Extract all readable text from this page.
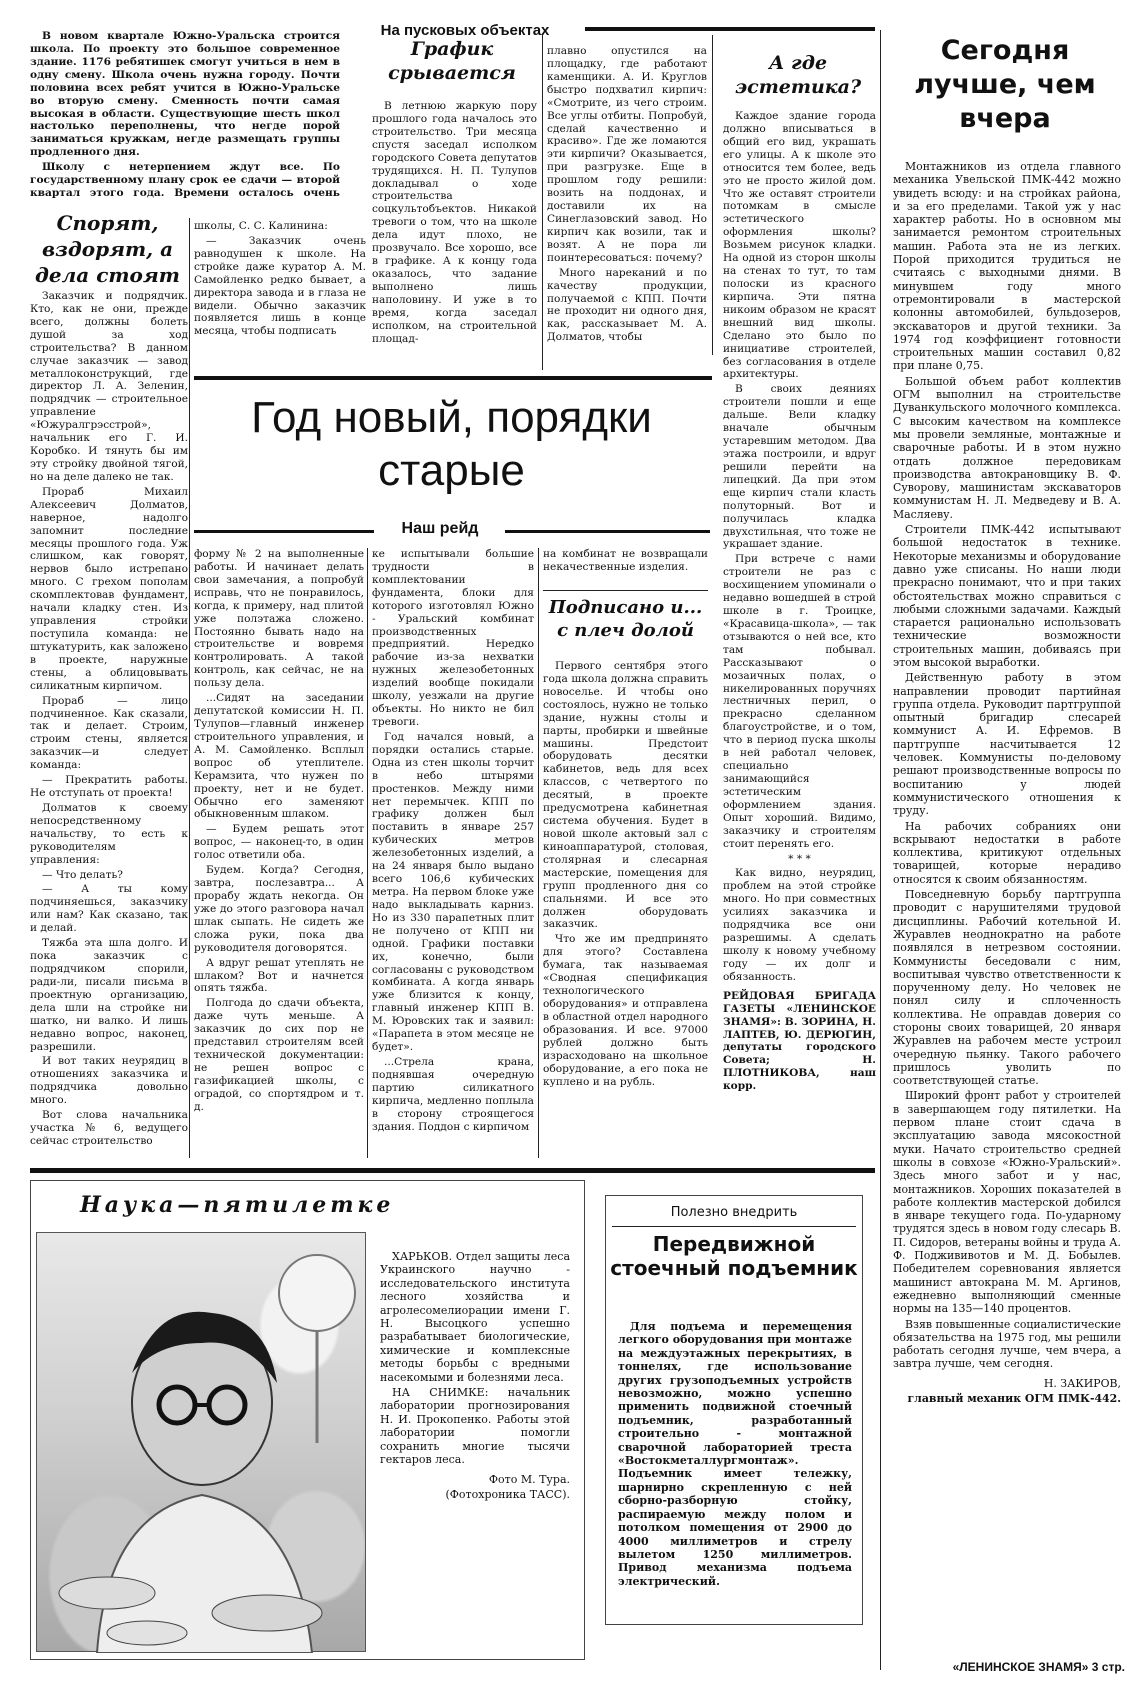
В новом квартале Южно-Уральска строится школа. По проекту это большое современное здание. 1176 ребятишек смогут учиться в нем в одну смену. Школа очень нужна городу. Почти половина всех ребят учится в Южно-Уральске во вторую смену. Сменность почти самая высокая в области. Существующие шесть школ настолько переполнены, что негде порой заниматься кружкам, негде размещать группы продленного дня.

Школу с нетерпением ждут все. По государственному плану срок ее сдачи — второй квартал этого года. Времени осталось очень

На пусковых объектах
Спорят, вздорят, а дела стоят

Заказчик и подрядчик. Кто, как не они, прежде всего, должны болеть душой за ход строительства? В данном случае заказчик — завод металлоконструкций, где директор Л. А. Зеленин, подрядчик — строительное управление «Южуралгрэсстрой», начальник его Г. И. Коробко. И тянуть бы им эту стройку двойной тягой, но на деле далеко не так.

Прораб Михаил Алексеевич Долматов, наверное, надолго запомнит последние месяцы прошлого года. Уж слишком, как говорят, нервов было истрепано много. С грехом пополам скомплектовав фундамент, начали кладку стен. Из управления стройки поступила команда: не штукатурить, как заложено в проекте, наружные стены, а облицовывать силикатным кирпичом.

Прораб — лицо подчиненное. Как сказали, так и делает. Строим, строим стены, является заказчик—и следует команда:

— Прекратить работы. Не отступать от проекта!

Долматов к своему непосредственному начальству, то есть к руководителям управления:

— Что делать?

— А ты кому подчиняешься, заказчику или нам? Как сказано, так и делай.

Тяжба эта шла долго. И пока заказчик с подрядчиком спорили, ради-ли, писали письма в проектную организацию, дела шли на стройке ни шатко, ни валко. И лишь недавно вопрос, наконец, разрешили.

И вот таких неурядиц в отношениях заказчика и подрядчика довольно много.

Вот слова начальника участка № 6, ведущего сейчас строительство

школы, С. С. Калинина:

— Заказчик очень равнодушен к школе. На стройке даже куратор А. М. Самойленко редко бывает, а директора завода и в глаза не видели. Обычно заказчик появляется лишь в конце месяца, чтобы подписать

График срывается

В летнюю жаркую пору прошлого года началось это строительство. Три месяца спустя заседал исполком городского Совета депутатов трудящихся. Н. П. Тулупов докладывал о ходе строительства соцкультобъектов. Никакой тревоги о том, что на школе дела идут плохо, не прозвучало. Все хорошо, все в графике. А к концу года оказалось, что задание выполнено лишь наполовину. И уже в то время, когда заседал исполком, на строительной площад-

плавно опустился на площадку, где работают каменщики. А. И. Круглов быстро подхватил кирпич: «Смотрите, из чего строим. Все углы отбиты. Попробуй, сделай качественно и красиво». Где же ломаются эти кирпичи? Оказывается, при разгрузке. Еще в прошлом году решили: возить на поддонах, и доставили их на Синеглазовский завод. Но кирпич как возили, так и возят. А не пора ли поинтересоваться: почему?

Много нареканий и по качеству продукции, получаемой с КПП. Почти не проходит ни одного дня, как, рассказывает М. А. Долматов, чтобы

А где эстетика?

Каждое здание города должно вписываться в общий его вид, украшать его улицы. А к школе это относится тем более, ведь это не просто жилой дом. Что же оставят строители потомкам в смысле эстетического оформления школы? Возьмем рисунок кладки. На одной из сторон школы на стенах то тут, то там полоски из красного кирпича. Эти пятна никоим образом не красят внешний вид школы. Сделано это было по инициативе строителей, без согласования в отделе архитектуры.

В своих деяниях строители пошли и еще дальше. Вели кладку вначале обычным устаревшим методом. Два этажа построили, и вдруг решили перейти на липецкий. Да при этом еще кирпич стали класть полуторный. Вот и получилась кладка двухстильная, что тоже не украшает здание.

При встрече с нами строители не раз с восхищением упоминали о недавно вошедшей в строй школе в г. Троицке, «Красавица-школа», — так отзываются о ней все, кто там побывал. Рассказывают о мозаичных полах, о никелированных поручнях лестничных перил, о прекрасно сделанном благоустройстве, и о том, что в период пуска школы в ней работал человек, специально занимающийся эстетическим оформлением здания. Опыт хороший. Видимо, заказчику и строителям стоит перенять его.

* * *

Как видно, неурядиц, проблем на этой стройке много. Но при совместных усилиях заказчика и подрядчика все они разрешимы. А сделать школу к новому учебному году — их долг и обязанность.

РЕЙДОВАЯ БРИГАДА ГАЗЕТЫ «ЛЕНИНСКОЕ ЗНАМЯ»: В. ЗОРИНА, Н. ЛАПТЕВ, Ю. ДЕРЮГИН, депутаты городского Совета; Н. ПЛОТНИКОВА, наш корр.

Год новый, порядки старые
Наш рейд

форму № 2 на выполненные работы. И начинает делать свои замечания, а попробуй исправь, что не понравилось, когда, к примеру, над плитой уже полэтажа сложено. Постоянно бывать надо на строительстве и вовремя контролировать. А такой контроль, как сейчас, не на пользу дела.

...Сидят на заседании депутатской комиссии Н. П. Тулупов—главный инженер строительного управления, и А. М. Самойленко. Всплыл вопрос об утеплителе. Керамзита, что нужен по проекту, нет и не будет. Обычно его заменяют обыкновенным шлаком.

— Будем решать этот вопрос, — наконец-то, в один голос ответили оба.

Будем. Когда? Сегодня, завтра, послезавтра... А прорабу ждать некогда. Он уже до этого разговора начал шлак сыпать. Не сидеть же сложа руки, пока два руководителя договорятся.

А вдруг решат утеплять не шлаком? Вот и начнется опять тяжба.

Полгода до сдачи объекта, даже чуть меньше. А заказчик до сих пор не представил строителям всей технической документации: не решен вопрос с газификацией школы, с оградой, со спортядром и т. д.

ке испытывали большие трудности в комплектовании фундамента, блоки для которого изготовлял Южно - Уральский комбинат производственных предприятий. Нередко рабочие из-за нехватки нужных железобетонных изделий вообще покидали школу, уезжали на другие объекты. Но никто не бил тревоги.

Год начался новый, а порядки остались старые. Одна из стен школы торчит в небо штырями простенков. Между ними нет перемычек. КПП по графику должен был поставить в январе 257 кубических метров железобетонных изделий, а на 24 января было выдано всего 106,6 кубических метра. На первом блоке уже надо выкладывать карниз. Но из 330 парапетных плит не получено от КПП ни одной. Графики поставки их, конечно, были согласованы с руководством комбината. А когда январь уже близится к концу, главный инженер КПП В. М. Юровских так и заявил: «Парапета в этом месяце не будет».

...Стрела крана, поднявшая очередную партию силикатного кирпича, медленно поплыла в сторону строящегося здания. Поддон с кирпичом

на комбинат не возвращали некачественные изделия.

Подписано и... с плеч долой

Первого сентября этого года школа должна справить новоселье. И чтобы оно состоялось, нужно не только здание, нужны столы и парты, пробирки и швейные машины. Предстоит оборудовать десятки кабинетов, ведь для всех классов, с четвертого по десятый, в проекте предусмотрена кабинетная система обучения. Будет в новой школе актовый зал с киноаппаратурой, столовая, столярная и слесарная мастерские, помещения для групп продленного дня со спальнями. И все это должен оборудовать заказчик.

Что же им предпринято для этого? Составлена бумага, так называемая «Сводная спецификация технологического оборудования» и отправлена в областной отдел народного образования. И все. 97000 рублей должно быть израсходовано на школьное оборудование, а его пока не куплено и на рубль.

Сегодня лучше, чем вчера

Монтажников из отдела главного механика Увельской ПМК-442 можно увидеть всюду: и на стройках района, и за его пределами. Такой уж у нас характер работы. Но в основном мы занимается ремонтом строительных машин. Работа эта не из легких. Порой приходится трудиться не считаясь с выходными днями. В минувшем году много отремонтировали в мастерской колонны автомобилей, бульдозеров, экскаваторов и другой техники. За 1974 год коэффициент готовности строительных машин составил 0,82 при плане 0,75.

Большой объем работ коллектив ОГМ выполнил на строительстве Дуванкульского молочного комплекса. С высоким качеством на комплексе мы провели земляные, монтажные и сварочные работы. И в этом нужно отдать должное передовикам производства автокрановщику В. Ф. Суворову, машинистам экскаваторов коммунистам Н. Л. Медведеву и В. А. Масляеву.

Строители ПМК-442 испытывают большой недостаток в технике. Некоторые механизмы и оборудование давно уже списаны. Но наши люди прекрасно понимают, что и при таких обстоятельствах можно справиться с любыми сложными задачами. Каждый старается рационально использовать технические возможности строительных машин, добиваясь при этом высокой выработки.

Действенную работу в этом направлении проводит партийная группа отдела. Руководит партгруппой опытный бригадир слесарей коммунист А. И. Ефремов. В партгруппе насчитывается 12 человек. Коммунисты по-деловому решают производственные вопросы по воспитанию у людей коммунистического отношения к труду.

На рабочих собраниях они вскрывают недостатки в работе коллектива, критикуют отдельных товарищей, которые нерадиво относятся к своим обязанностям.

Повседневную борьбу партгруппа проводит с нарушителями трудовой дисциплины. Рабочий котельной И. Журавлев неоднократно на работе появлялся в нетрезвом состоянии. Коммунисты беседовали с ним, воспитывая чувство ответственности к порученному делу. Но человек не понял силу и сплоченность коллектива. Не оправдав доверия со стороны своих товарищей, 20 января Журавлев на рабочем месте устроил очередную пьянку. Такого рабочего пришлось уволить по соответствующей статье.

Широкий фронт работ у строителей в завершающем году пятилетки. На первом плане стоит сдача в эксплуатацию завода мясокостной муки. Начато строительство средней школы в совхозе «Южно-Уральский». Здесь много забот и у нас, монтажников. Хороших показателей в работе коллектив мастерской добился в январе текущего года. По-ударному трудятся здесь в новом году слесарь В. П. Сидоров, ветераны войны и труда А. Ф. Поджививотов и М. Д. Бобылев. Победителем соревнования является машинист автокрана М. М. Аргинов, ежедневно выполняющий сменные нормы на 135—140 процентов.

Взяв повышенные социалистические обязательства на 1975 год, мы решили работать сегодня лучше, чем вчера, а завтра лучше, чем сегодня.

Н. ЗАКИРОВ,

главный механик ОГМ ПМК-442.

Наука—пятилетке

ХАРЬКОВ. Отдел защиты леса Украинского научно - исследовательского института лесного хозяйства и агролесомелиорации имени Г. Н. Высоцкого успешно разрабатывает биологические, химические и комплексные методы борьбы с вредными насекомыми и болезнями леса.

НА СНИМКЕ: начальник лаборатории прогнозирования Н. И. Прокопенко. Работы этой лаборатории помогли сохранить многие тысячи гектаров леса.

Фото М. Тура.

(Фотохроника ТАСС).

Полезно внедрить
Передвижной стоечный подъемник

Для подъема и перемещения легкого оборудования при монтаже на междуэтажных перекрытиях, в тоннелях, где использование других грузоподъемных устройств невозможно, можно успешно применить подвижной стоечный подъемник, разработанный строительно - монтажной сварочной лабораторией треста «Востокметаллургмонтаж». Подъемник имеет тележку, шарнирно скрепленную с ней сборно-разборную стойку, распираемую между полом и потолком помещения от 2900 до 4000 миллиметров и стрелу вылетом 1250 миллиметров. Привод механизма подъема электрический.

«ЛЕНИНСКОЕ ЗНАМЯ» 3 стр.
